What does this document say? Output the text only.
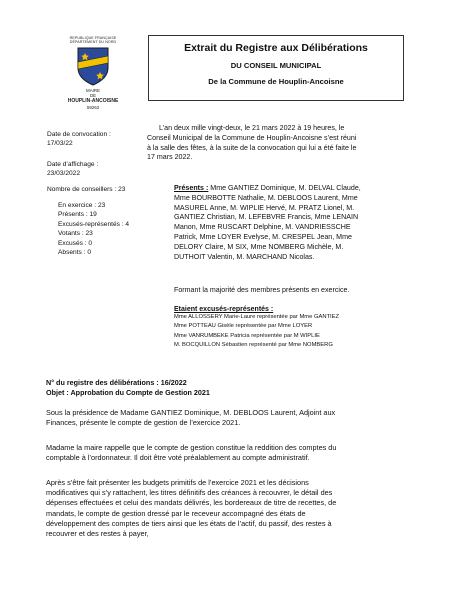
REPUBLIQUE FRANÇAISE
DÉPARTEMENT DU NORD
MAIRE
DE
HOUPLIN-ANCOISNE
59263
Extrait du Registre aux Délibérations
DU CONSEIL MUNICIPAL
De la Commune de Houplin-Ancoisne
Date de convocation :
17/03/22
Date d’affichage :
23/03/2022
Nombre de conseillers : 23
En exercice : 23
Présents : 19
Excusés-représentés : 4
Votants : 23
Excusés : 0
Absents : 0
L’an deux mille vingt-deux, le 21 mars 2022 à 19 heures, le
Conseil Municipal de la Commune de Houplin-Ancoisne s’est réuni
à la salle des fêtes, à la suite de la convocation qui lui a été faite le
17 mars 2022.
Présents : Mme GANTIEZ Dominique, M. DELVAL Claude,
Mme BOURBOTTE Nathalie, M. DEBLOOS Laurent, Mme
MASUREL Anne, M. WIPLIE Hervé, M. PRATZ Lionel, M.
GANTIEZ Christian, M. LEFEBVRE Francis, Mme LENAIN
Manon, Mme RUSCART Delphine, M. VANDRIESSCHE
Patrick, Mme LOYER Evelyse, M. CRESPEL Jean, Mme
DELORY Claire, M SIX, Mme NOMBERG Michèle, M.
DUTHOIT Valentin, M. MARCHAND Nicolas.
Formant la majorité des membres présents en exercice.
Etaient excusés-représentés :
Mme ALLOSSERY Marie-Laure représentée par Mme GANTIEZ
Mme POTTEAU Gisèle représentée par Mme LOYER
Mme VANRUMBEKE Patricia représentée par M WIPLIE
M. BOCQUILLON Sébastien représenté par Mme NOMBERG
N° du registre des délibérations : 16/2022
Objet : Approbation du Compte de Gestion 2021
Sous la présidence de Madame GANTIEZ Dominique, M. DEBLOOS Laurent, Adjoint aux
Finances, présente le compte de gestion de l’exercice 2021.
Madame la maire rappelle que le compte de gestion constitue la reddition des comptes du
comptable à l’ordonnateur. Il doit être voté préalablement au compte administratif.
Après s’être fait présenter les budgets primitifs de l’exercice 2021 et les décisions
modificatives qui s’y rattachent, les titres définitifs des créances à recouvrer, le détail des
dépenses effectuées et celui des mandats délivrés, les bordereaux de titre de recettes, de
mandats, le compte de gestion dressé par le receveur accompagné des états de
développement des comptes de tiers ainsi que les états de l’actif, du passif, des restes à
recouvrer et des restes à payer,
